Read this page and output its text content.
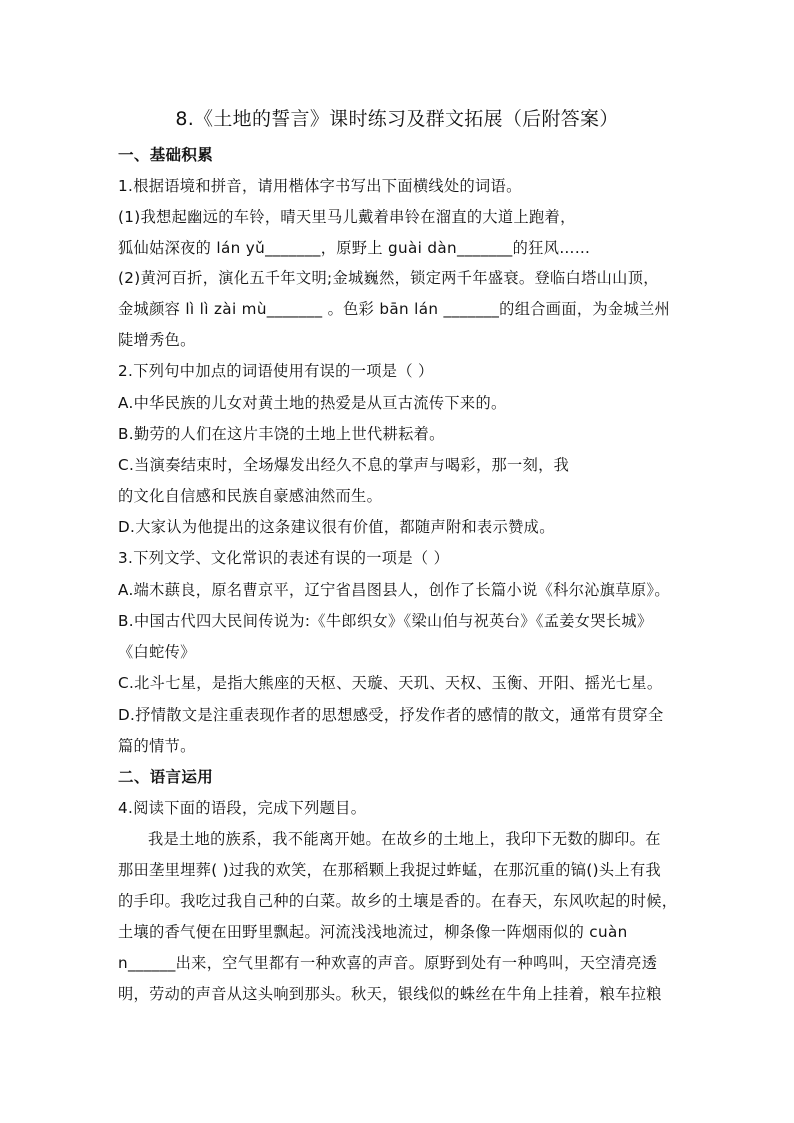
8.《土地的誓言》课时练习及群文拓展（后附答案）
一、基础积累
1.根据语境和拼音，请用楷体字书写出下面横线处的词语。
(1)我想起幽远的车铃，晴天里马儿戴着串铃在溜直的大道上跑着，
狐仙姑深夜的 lán yǔ_______，原野上 guài dàn_______的狂风……
(2)黄河百折，演化五千年文明;金城巍然，锁定两千年盛衰。登临白塔山山顶，
金城颜容 lì lì zài mù_______ 。色彩 bān lán _______的组合画面，为金城兰州
陡增秀色。
2.下列句中加点的词语使用有误的一项是（ ）
A.中华民族的儿女对黄土地的热爱是从亘古流传下来的。
B.勤劳的人们在这片丰饶的土地上世代耕耘着。
C.当演奏结束时，全场爆发出经久不息的掌声与喝彩，那一刻，我
的文化自信感和民族自豪感油然而生。
D.大家认为他提出的这条建议很有价值，都随声附和表示赞成。
3.下列文学、文化常识的表述有误的一项是（ ）
A.端木蕻良，原名曹京平，辽宁省昌图县人，创作了长篇小说《科尔沁旗草原》。
B.中国古代四大民间传说为:《牛郎织女》《梁山伯与祝英台》《孟姜女哭长城》
《白蛇传》
C.北斗七星，是指大熊座的天枢、天璇、天玑、天权、玉衡、开阳、摇光七星。
D.抒情散文是注重表现作者的思想感受，抒发作者的感情的散文，通常有贯穿全
篇的情节。
二、语言运用
4.阅读下面的语段，完成下列题目。
我是土地的族系，我不能离开她。在故乡的土地上，我印下无数的脚印。在
那田垄里埋葬( )过我的欢笑，在那稻颗上我捉过蚱蜢，在那沉重的镐()头上有我
的手印。我吃过我自己种的白菜。故乡的土壤是香的。在春天，东风吹起的时候，
土壤的香气便在田野里飘起。河流浅浅地流过，柳条像一阵烟雨似的 cuàn
n______出来，空气里都有一种欢喜的声音。原野到处有一种鸣叫，天空清亮透
明，劳动的声音从这头响到那头。秋天，银线似的蛛丝在牛角上挂着，粮车拉粮
